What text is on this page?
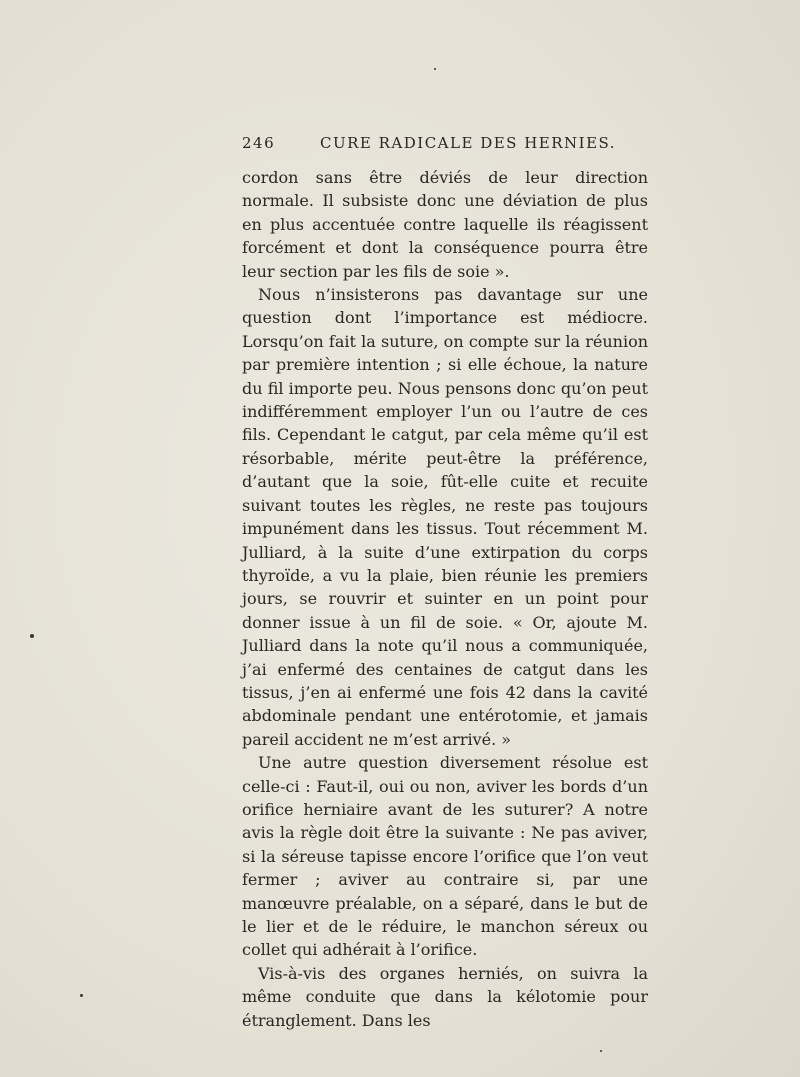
246	CURE RADICALE DES HERNIES.

cordon sans être déviés de leur direction normale. Il subsiste donc une déviation de plus en plus accentuée contre laquelle ils réagissent forcément et dont la conséquence pourra être leur section par les fils de soie ».

Nous n’insisterons pas davantage sur une question dont l’importance est médiocre. Lorsqu’on fait la suture, on compte sur la réunion par première intention ; si elle échoue, la nature du fil importe peu. Nous pensons donc qu’on peut indifféremment employer l’un ou l’autre de ces fils. Cependant le catgut, par cela même qu’il est résorbable, mérite peut-être la préférence, d’autant que la soie, fût-elle cuite et recuite suivant toutes les règles, ne reste pas toujours impunément dans les tissus. Tout récemment M. Julliard, à la suite d’une extirpation du corps thyroïde, a vu la plaie, bien réunie les premiers jours, se rouvrir et suinter en un point pour donner issue à un fil de soie. « Or, ajoute M. Julliard dans la note qu’il nous a communiquée, j’ai enfermé des centaines de catgut dans les tissus, j’en ai enfermé une fois 42 dans la cavité abdominale pendant une entérotomie, et jamais pareil accident ne m’est arrivé. »

Une autre question diversement résolue est celle-ci : Faut-il, oui ou non, aviver les bords d’un orifice herniaire avant de les suturer? A notre avis la règle doit être la suivante : Ne pas aviver, si la séreuse tapisse encore l’orifice que l’on veut fermer ; aviver au contraire si, par une manœuvre préalable, on a séparé, dans le but de le lier et de le réduire, le manchon séreux ou collet qui adhérait à l’orifice.

Vis-à-vis des organes herniés, on suivra la même conduite que dans la kélotomie pour étranglement. Dans les
